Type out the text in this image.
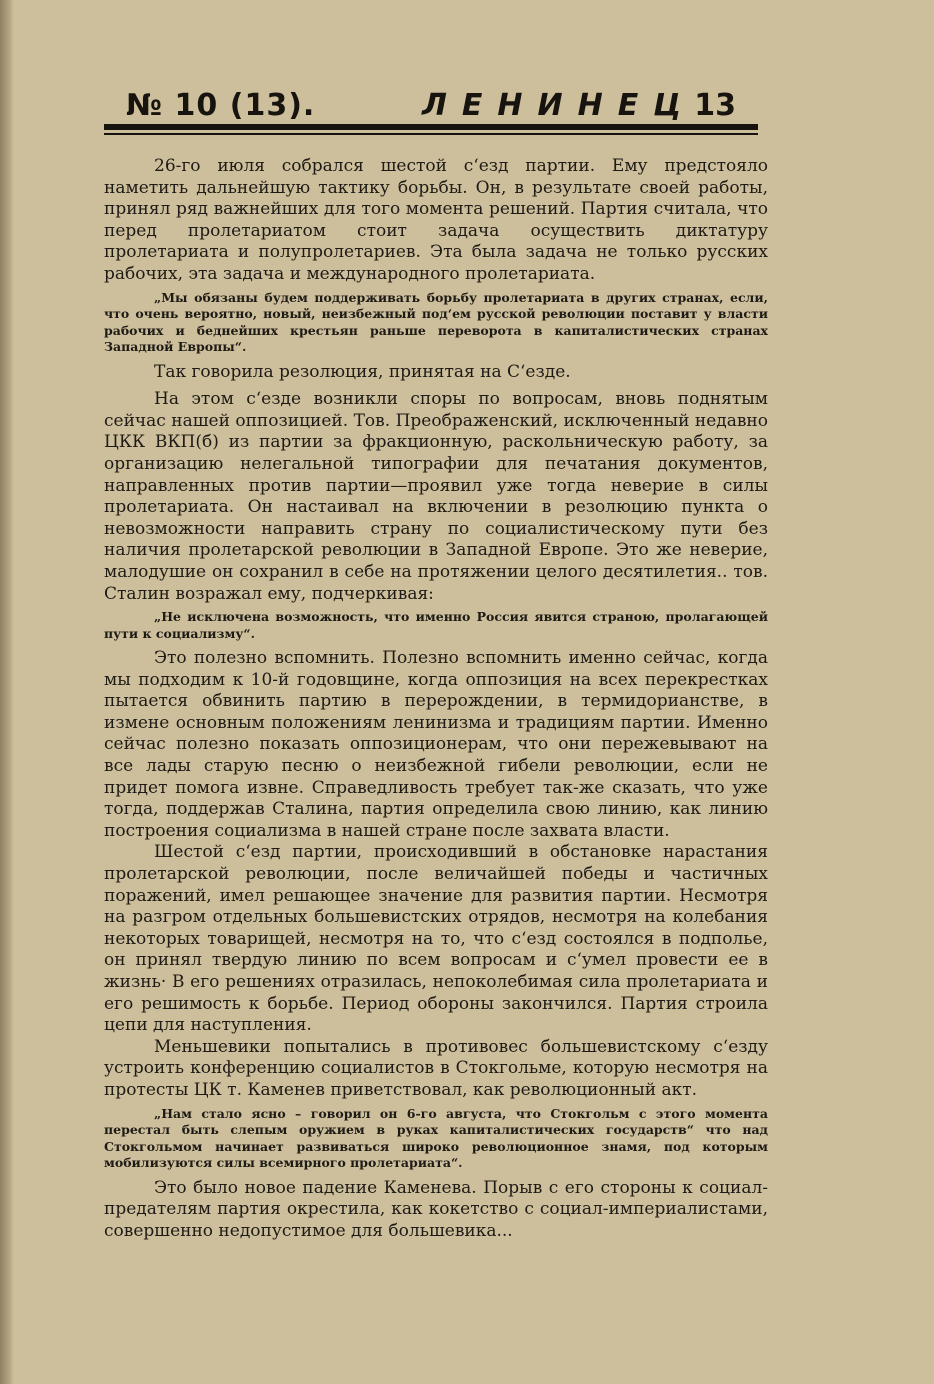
№ 10 (13).	ЛЕНИНЕЦ
13

26-го июля собрался шестой с‘езд партии. Ему предстояло наметить дальнейшую тактику борьбы. Он, в результате своей работы, принял ряд важнейших для того момента решений. Партия считала, что перед пролетариатом стоит задача осуществить диктатуру пролетариата и полупролетариев. Эта была задача не только русских рабочих, эта задача и международного пролетариата.

„Мы обязаны будем поддерживать борьбу пролетариата в других странах, если, что очень вероятно, новый, неизбежный под‘ем русской революции поставит у власти рабочих и беднейших крестьян раньше переворота в капиталистических странах Западной Европы“.

Так говорила резолюция, принятая на С‘езде.

На этом с‘езде возникли споры по вопросам, вновь поднятым сейчас нашей оппозицией. Тов. Преображенский, исключенный недавно ЦКК ВКП(б) из партии за фракционную, раскольническую работу, за организацию нелегальной типографии для печатания документов, направленных против партии—проявил уже тогда неверие в силы пролетариата. Он настаивал на включении в резолюцию пункта о невозможности направить страну по социалистическому пути без наличия пролетарской революции в Западной Европе. Это же неверие, малодушие он сохранил в себе на протяжении целого десятилетия.. тов. Сталин возражал ему, подчеркивая:

„Не исключена возможность, что именно Россия явится страною, пролагающей пути к социализму“.

Это полезно вспомнить. Полезно вспомнить именно сейчас, когда мы подходим к 10-й годовщине, когда оппозиция на всех перекрестках пытается обвинить партию в перерождении, в термидорианстве, в измене основным положениям ленинизма и традициям партии. Именно сейчас полезно показать оппозиционерам, что они пережевывают на все лады старую песню о неизбежной гибели революции, если не придет помога извне. Справедливость требует так-же сказать, что уже тогда, поддержав Сталина, партия определила свою линию, как линию построения социализма в нашей стране после захвата власти.

Шестой с‘езд партии, происходивший в обстановке нарастания пролетарской революции, после величайшей победы и частичных поражений, имел решающее значение для развития партии. Несмотря на разгром отдельных большевистских отрядов, несмотря на колебания некоторых товарищей, несмотря на то, что с‘езд состоялся в подполье, он принял твердую линию по всем вопросам и с‘умел провести ее в жизнь· В его решениях отразилась, непоколебимая сила пролетариата и его решимость к борьбе. Период обороны закончился. Партия строила цепи для наступления.

Меньшевики попытались в противовес большевистскому с‘езду устроить конференцию социалистов в Стокгольме, которую несмотря на протесты ЦК т. Каменев приветствовал, как революционный акт.

„Нам стало ясно – говорил он 6-го августа, что Стокгольм с этого момента перестал быть слепым оружием в руках капиталистических государств“ что над Стокгольмом начинает развиваться широко революционное знамя, под которым мобилизуются силы всемирного пролетариата“.

Это было новое падение Каменева. Порыв с его стороны к социал-предателям партия окрестила, как кокетство с социал-империалистами, совершенно недопустимое для большевика...
